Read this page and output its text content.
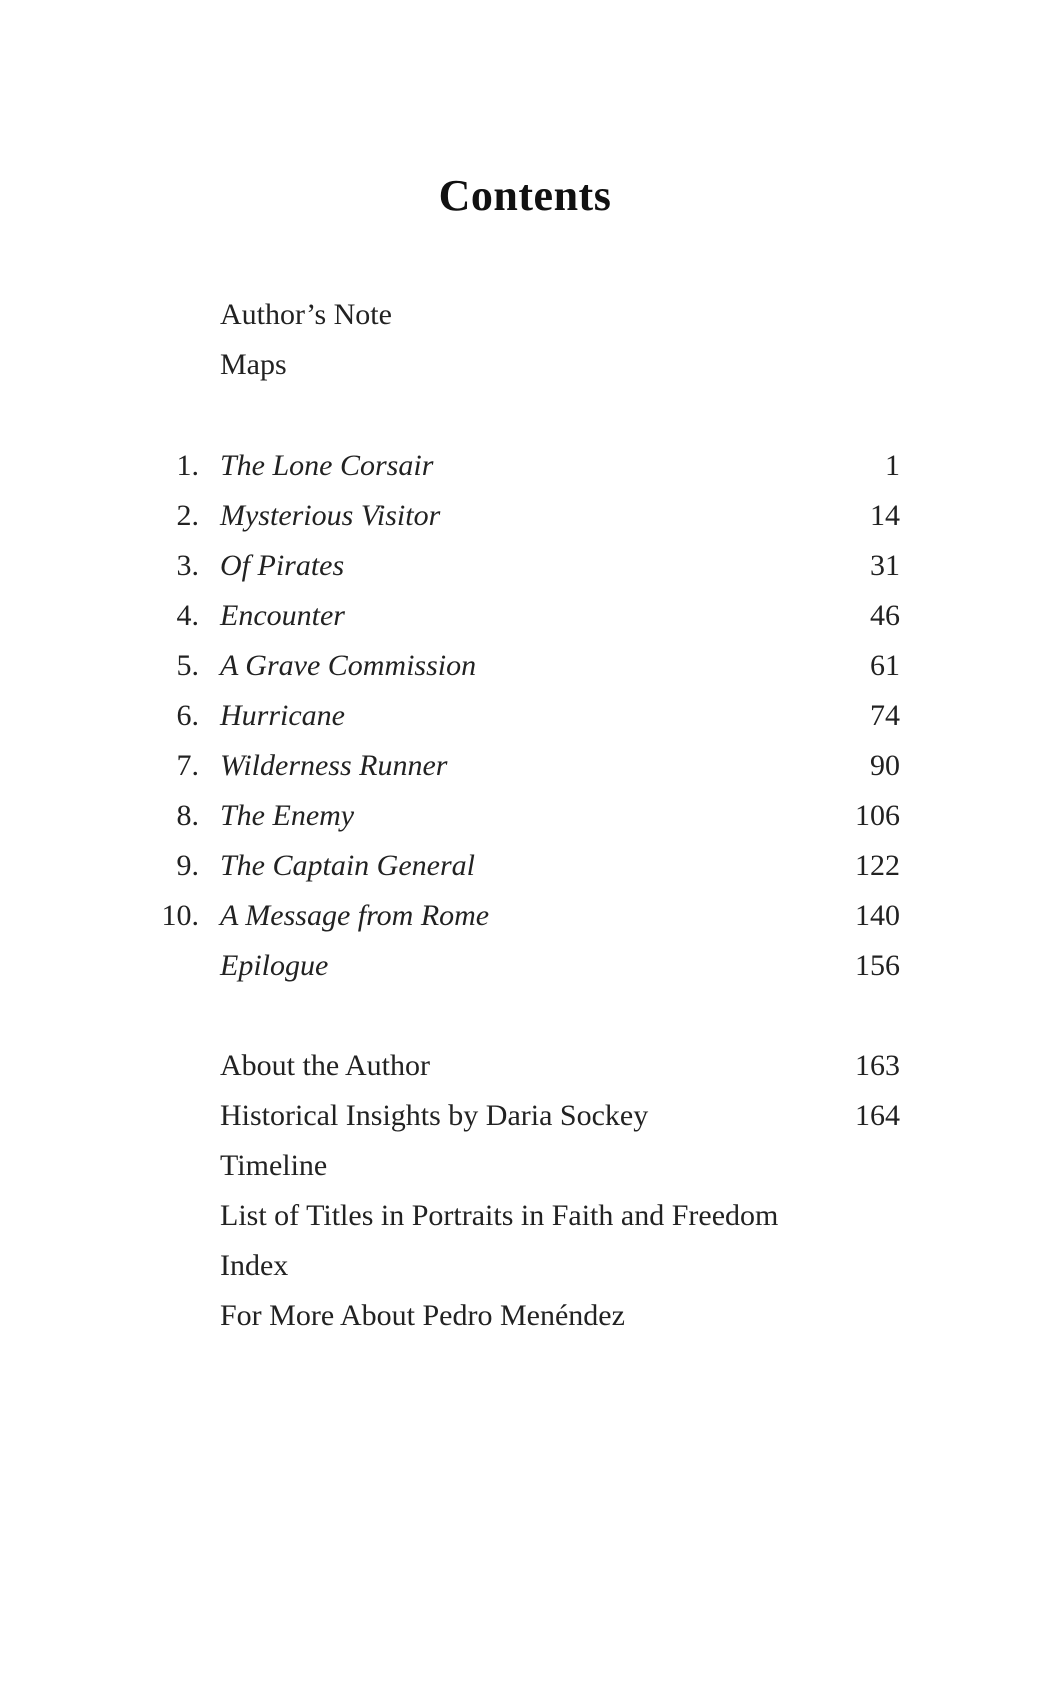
Contents
Author’s Note
Maps
1. The Lone Corsair	1
2. Mysterious Visitor	14
3. Of Pirates	31
4. Encounter	46
5. A Grave Commission	61
6. Hurricane	74
7. Wilderness Runner	90
8. The Enemy	106
9. The Captain General	122
10. A Message from Rome	140
Epilogue	156
About the Author	163
Historical Insights by Daria Sockey	164
Timeline
List of Titles in Portraits in Faith and Freedom
Index
For More About Pedro Menéndez
